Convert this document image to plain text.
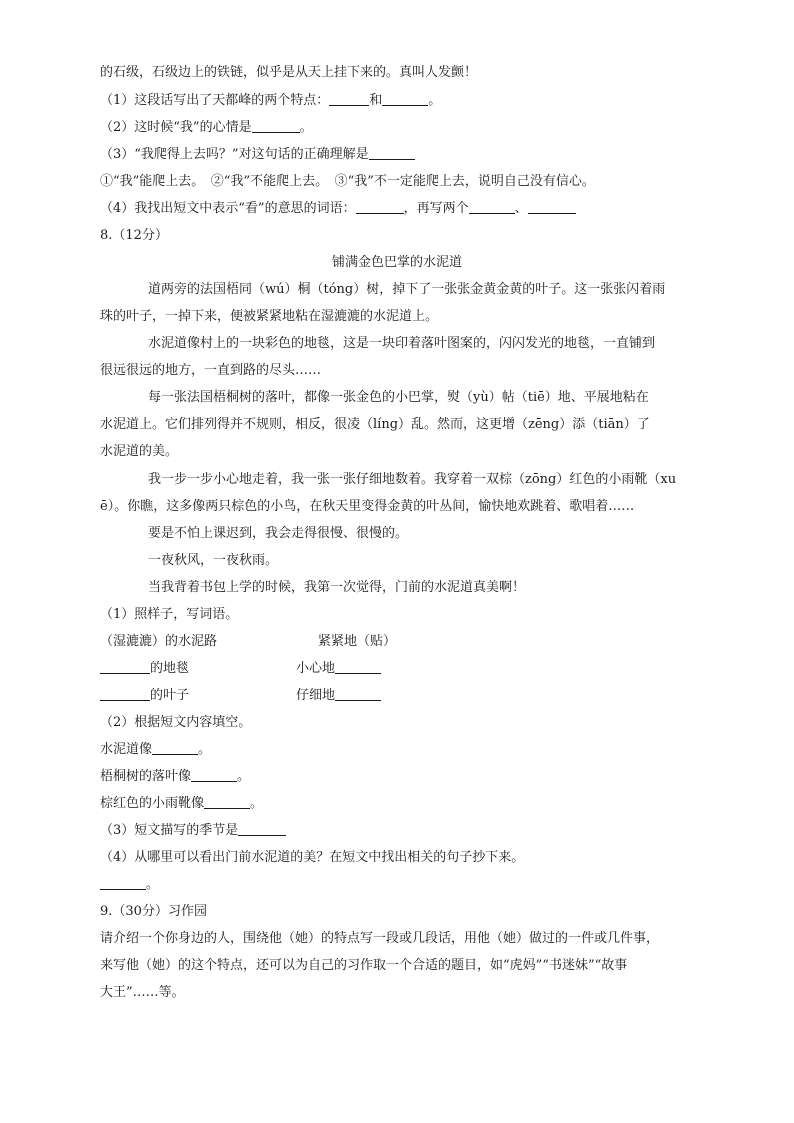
的石级，石级边上的铁链，似乎是从天上挂下来的。真叫人发颤！
（1）这段话写出了天都峰的两个特点：	和	。
（2）这时候“我”的心情是	。
（3）“我爬得上去吗？”对这句话的正确理解是
①“我”能爬上去。　②“我”不能爬上去。　③“我”不一定能爬上去，说明自己没有信心。
（4）我找出短文中表示“看”的意思的词语：	，再写两个	、
8.（12分）
铺满金色巴掌的水泥道
道两旁的法国梧同（wú）桐（tóng）树，掉下了一张张金黄金黄的叶子。这一张张闪着雨
珠的叶子，一掉下来，便被紧紧地粘在湿漉漉的水泥道上。
水泥道像村上的一块彩色的地毯，这是一块印着落叶图案的，闪闪发光的地毯，一直铺到
很远很远的地方，一直到路的尽头……
每一张法国梧桐树的落叶，都像一张金色的小巴掌，熨（yù）帖（tiē）地、平展地粘在
水泥道上。它们排列得并不规则，相反，很凌（líng）乱。然而，这更增（zēng）添（tiān）了
水泥道的美。
我一步一步小心地走着，我一张一张仔细地数着。我穿着一双棕（zōng）红色的小雨靴（xu
ē）。你瞧，这多像两只棕色的小鸟，在秋天里变得金黄的叶丛间，愉快地欢跳着、歌唱着……
要是不怕上课迟到，我会走得很慢、很慢的。
一夜秋风，一夜秋雨。
当我背着书包上学的时候，我第一次觉得，门前的水泥道真美啊！
（1）照样子，写词语。
（湿漉漉）的水泥路	紧紧地（贴）
的地毯	小心地
的叶子	仔细地
（2）根据短文内容填空。
水泥道像	。
梧桐树的落叶像	。
棕红色的小雨靴像	。
（3）短文描写的季节是
（4）从哪里可以看出门前水泥道的美？在短文中找出相关的句子抄下来。
。
9.（30分）习作园
请介绍一个你身边的人，围绕他（她）的特点写一段或几段话，用他（她）做过的一件或几件事，
来写他（她）的这个特点，还可以为自己的习作取一个合适的题目，如“虎妈”“书迷妹”“故事
大王”……等。
